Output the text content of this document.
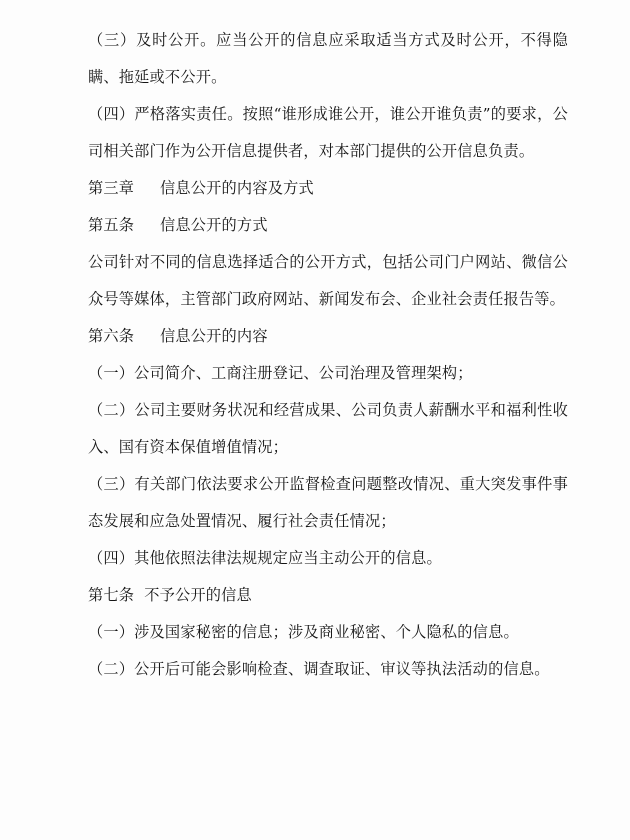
（三）及时公开。应当公开的信息应采取适当方式及时公开，不得隐瞒、拖延或不公开。

（四）严格落实责任。按照“谁形成谁公开，谁公开谁负责”的要求，公司相关部门作为公开信息提供者，对本部门提供的公开信息负责。

第三章 信息公开的内容及方式

第五条 信息公开的方式

公司针对不同的信息选择适合的公开方式，包括公司门户网站、微信公众号等媒体，主管部门政府网站、新闻发布会、企业社会责任报告等。

第六条 信息公开的内容

（一）公司简介、工商注册登记、公司治理及管理架构；

（二）公司主要财务状况和经营成果、公司负责人薪酬水平和福利性收入、国有资本保值增值情况；

（三）有关部门依法要求公开监督检查问题整改情况、重大突发事件事态发展和应急处置情况、履行社会责任情况；

（四）其他依照法律法规规定应当主动公开的信息。

第七条 不予公开的信息

（一）涉及国家秘密的信息；涉及商业秘密、个人隐私的信息。

（二）公开后可能会影响检查、调查取证、审议等执法活动的信息。
